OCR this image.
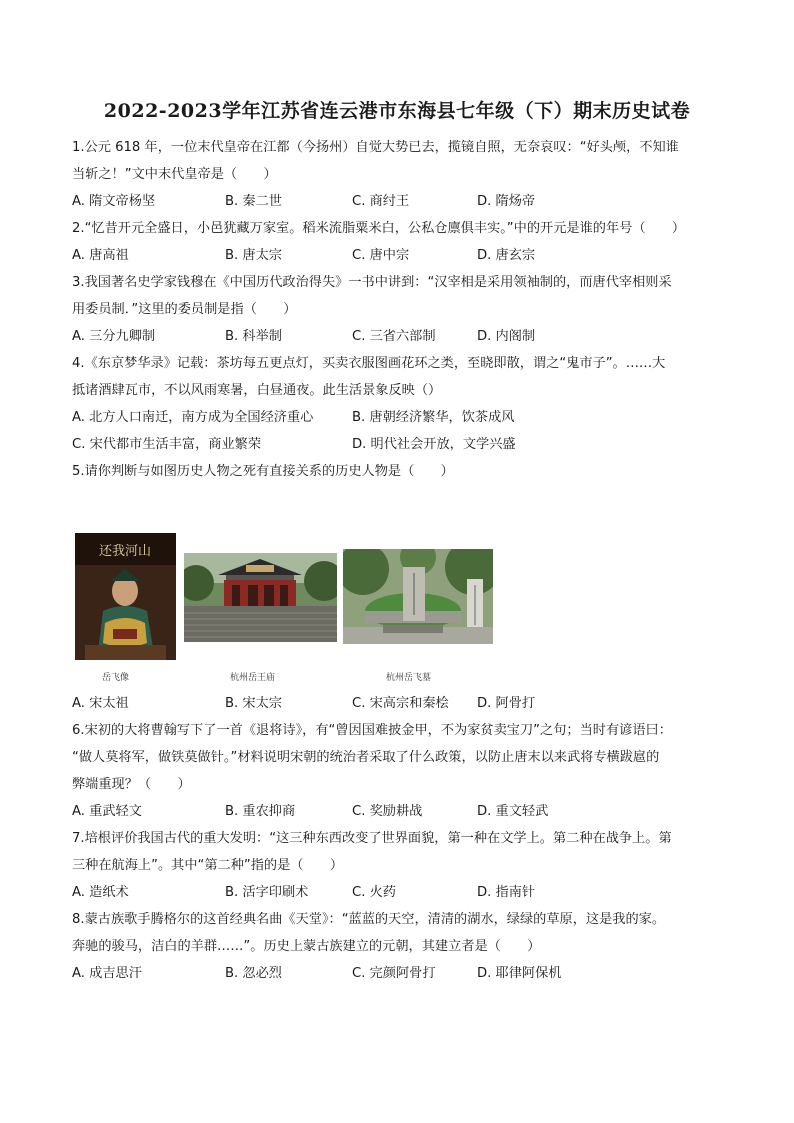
2022-2023学年江苏省连云港市东海县七年级（下）期末历史试卷

1.公元 618 年，一位末代皇帝在江都（今扬州）自觉大势已去，揽镜自照，无奈哀叹：“好头颅，不知谁

当斩之！”文中末代皇帝是（　　）

A. 隋文帝杨坚	B. 秦二世	C. 商纣王	D. 隋炀帝

2.“忆昔开元全盛日，小邑犹藏万家室。稻米流脂粟米白，公私仓廪俱丰实。”中的开元是谁的年号（　　）

A. 唐高祖	B. 唐太宗	C. 唐中宗	D. 唐玄宗

3.我国著名史学家钱穆在《中国历代政治得失》一书中讲到：“汉宰相是采用领袖制的，而唐代宰相则采

用委员制．”这里的委员制是指（　　）

A. 三分九卿制	B. 科举制	C. 三省六部制	D. 内阁制

4.《东京梦华录》记载：茶坊每五更点灯，买卖衣服图画花环之类，至晓即散，谓之“鬼市子”。……大

抵诸酒肆瓦市，不以风雨寒暑，白昼通夜。此生活景象反映（）

A. 北方人口南迁，南方成为全国经济重心	B. 唐朝经济繁华，饮茶成风
C. 宋代都市生活丰富，商业繁荣	D. 明代社会开放，文学兴盛

5.请你判断与如图历史人物之死有直接关系的历史人物是（　　）

还我河山
岳飞像	杭州岳王庙	杭州岳飞墓
A. 宋太祖	B. 宋太宗	C. 宋高宗和秦桧 D. 阿骨打

6.宋初的大将曹翰写下了一首《退将诗》，有“曾因国难披金甲，不为家贫卖宝刀”之句；当时有谚语曰：

“做人莫将军，做铁莫做针。”材料说明宋朝的统治者采取了什么政策，以防止唐末以来武将专横跋扈的

弊端重现？（　　）

A. 重武轻文	B. 重农抑商	C. 奖励耕战	D. 重文轻武

7.培根评价我国古代的重大发明：“这三种东西改变了世界面貌，第一种在文学上。第二种在战争上。第

三种在航海上”。其中“第二种”指的是（　　）

A. 造纸术	B. 活字印刷术	C. 火药	D. 指南针

8.蒙古族歌手腾格尔的这首经典名曲《天堂》：“蓝蓝的天空，清清的湖水，绿绿的草原，这是我的家。

奔驰的骏马，洁白的羊群……”。历史上蒙古族建立的元朝，其建立者是（　　）

A. 成吉思汗	B. 忽必烈	C. 完颜阿骨打	D. 耶律阿保机
